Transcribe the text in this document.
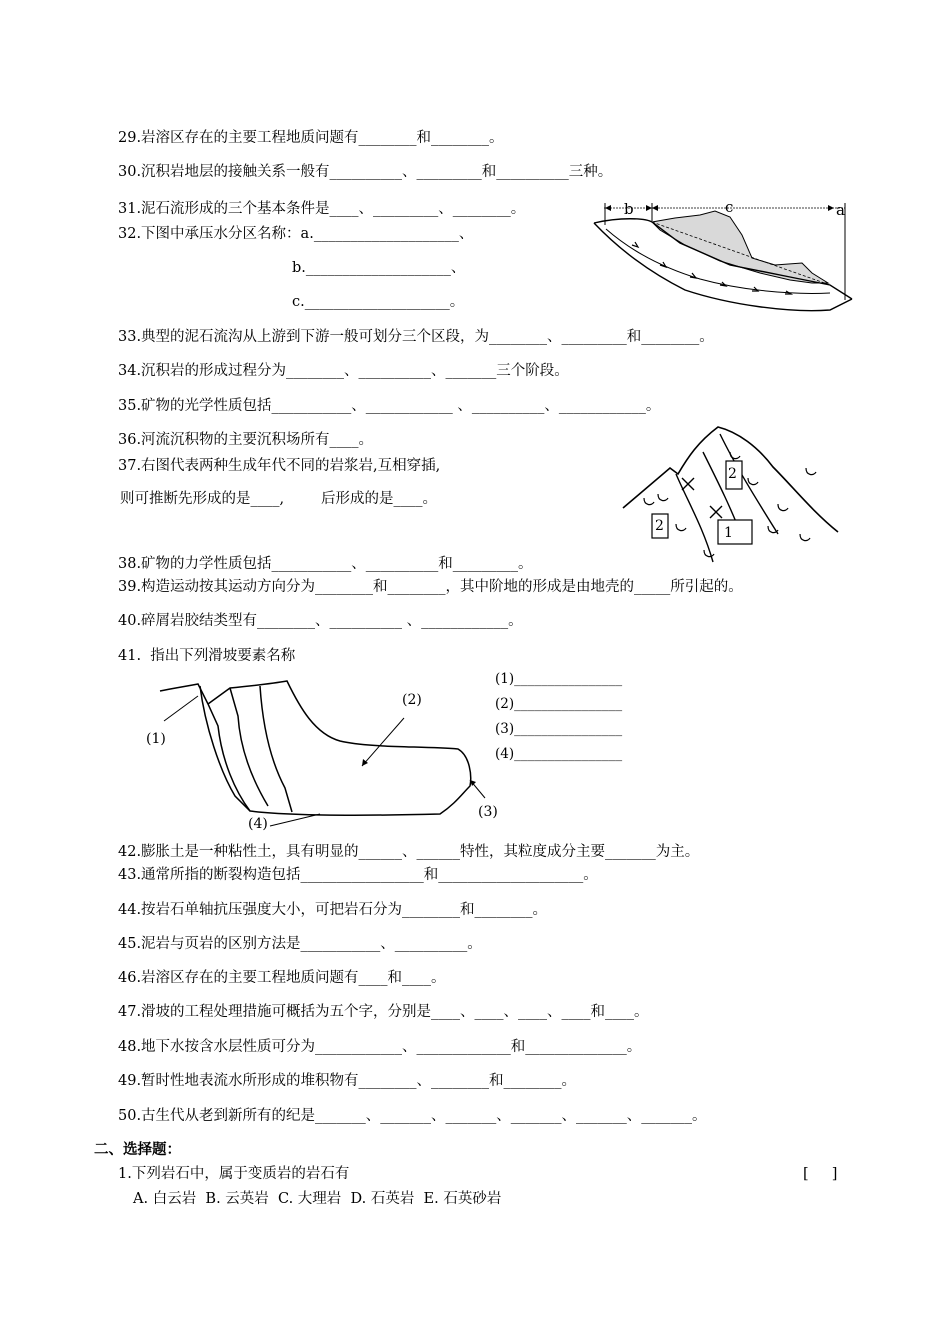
29.岩溶区存在的主要工程地质问题有________和________。
30.沉积岩地层的接触关系一般有__________、_________和__________三种。
31.泥石流形成的三个基本条件是____、_________、________。
32.下图中承压水分区名称：a.____________________、
b.____________________、
c.____________________。
33.典型的泥石流沟从上游到下游一般可划分三个区段，为________、_________和________。
34.沉积岩的形成过程分为________、__________、_______三个阶段。
35.矿物的光学性质包括___________、____________ 、__________、____________。
36.河流沉积物的主要沉积场所有____。
37.右图代表两种生成年代不同的岩浆岩,互相穿插,
则可推断先形成的是____,        后形成的是____。
38.矿物的力学性质包括___________、__________和_________。
39.构造运动按其运动方向分为________和________，其中阶地的形成是由地壳的_____所引起的。
40.碎屑岩胶结类型有________、__________ 、____________。
41.  指出下列滑坡要素名称
42.膨胀土是一种粘性土，具有明显的______、______特性，其粒度成分主要_______为主。
43.通常所指的断裂构造包括_________________和____________________。
44.按岩石单轴抗压强度大小，可把岩石分为________和________。
45.泥岩与页岩的区别方法是___________、__________。
46.岩溶区存在的主要工程地质问题有____和____。
47.滑坡的工程处理措施可概括为五个字，分别是____、____、____、____和____。
48.地下水按含水层性质可分为____________、_____________和______________。
49.暂时性地表流水所形成的堆积物有________、________和________。
50.古生代从老到新所有的纪是_______、_______、_______、_______、_______、_______。
二、选择题：
1.下列岩石中，属于变质岩的岩石有	[     ]
A. 白云岩  B. 云英岩  C. 大理岩  D. 石英岩  E. 石英砂岩
b	c	a
2
2	1
(1)
(2)
(3)
(4)
(1)________________
(2)________________
(3)________________
(4)________________
